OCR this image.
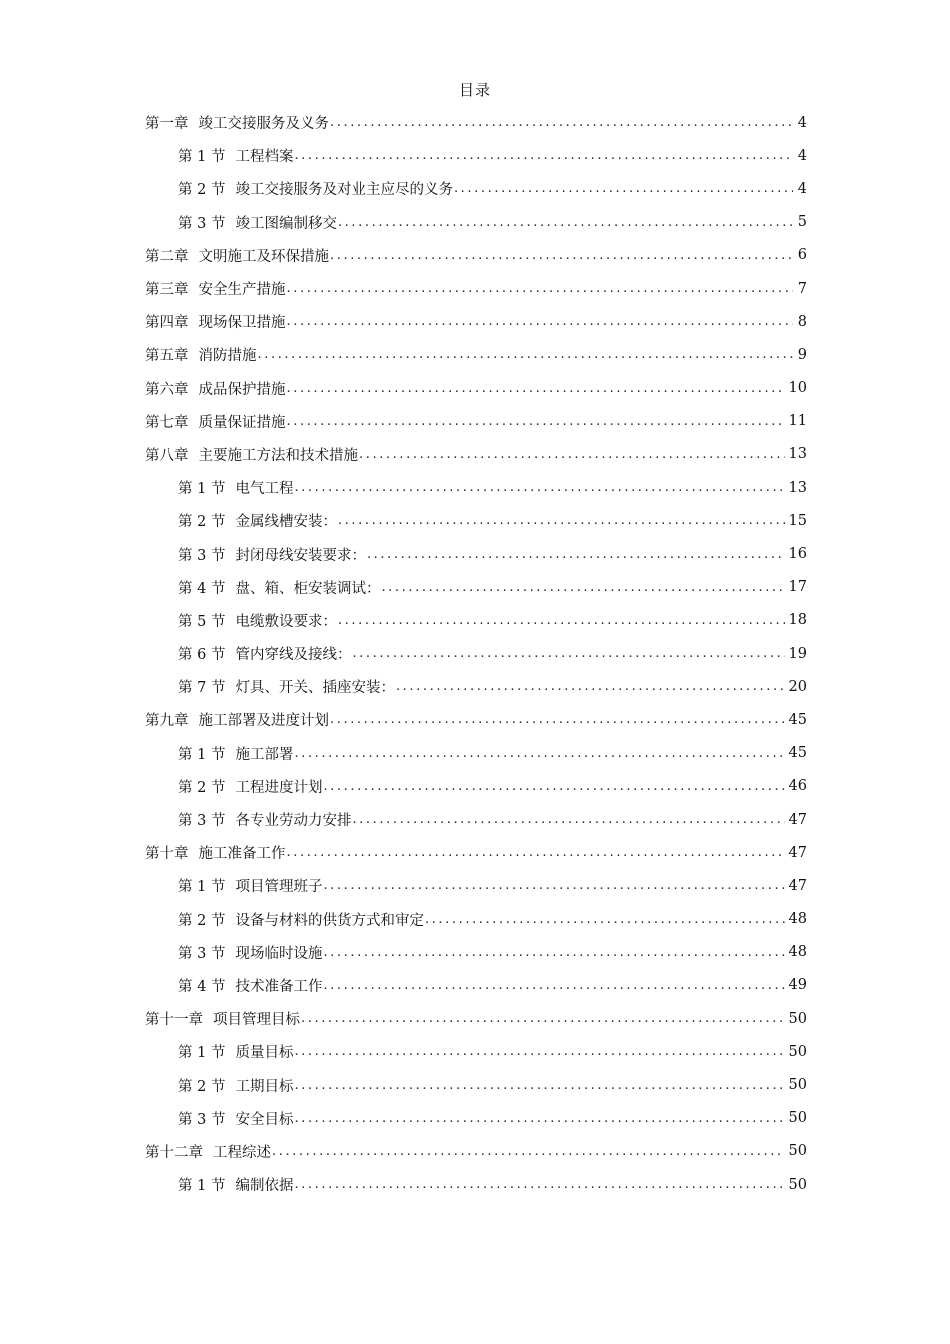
目录
第一章 竣工交接服务及义务 .....	4
第 1 节 工程档案 .....	4
第 2 节 竣工交接服务及对业主应尽的义务 .....	4
第 3 节 竣工图编制移交 .....	5
第二章 文明施工及环保措施 .....	6
第三章 安全生产措施 .....	7
第四章 现场保卫措施 .....	8
第五章 消防措施 .....	9
第六章 成品保护措施 .....	10
第七章 质量保证措施 .....	11
第八章 主要施工方法和技术措施 .....	13
第 1 节 电气工程 .....	13
第 2 节 金属线槽安装： .....	15
第 3 节 封闭母线安装要求： .....	16
第 4 节 盘、箱、柜安装调试： .....	17
第 5 节 电缆敷设要求： .....	18
第 6 节 管内穿线及接线： .....	19
第 7 节 灯具、开关、插座安装： .....	20
第九章 施工部署及进度计划 .....	45
第 1 节 施工部署 .....	45
第 2 节 工程进度计划 .....	46
第 3 节 各专业劳动力安排 .....	47
第十章 施工准备工作 .....	47
第 1 节 项目管理班子 .....	47
第 2 节 设备与材料的供货方式和审定 .....	48
第 3 节 现场临时设施 .....	48
第 4 节 技术准备工作 .....	49
第十一章 项目管理目标 .....	50
第 1 节 质量目标 .....	50
第 2 节 工期目标 .....	50
第 3 节 安全目标 .....	50
第十二章 工程综述 .....	50
第 1 节 编制依据 .....	50
